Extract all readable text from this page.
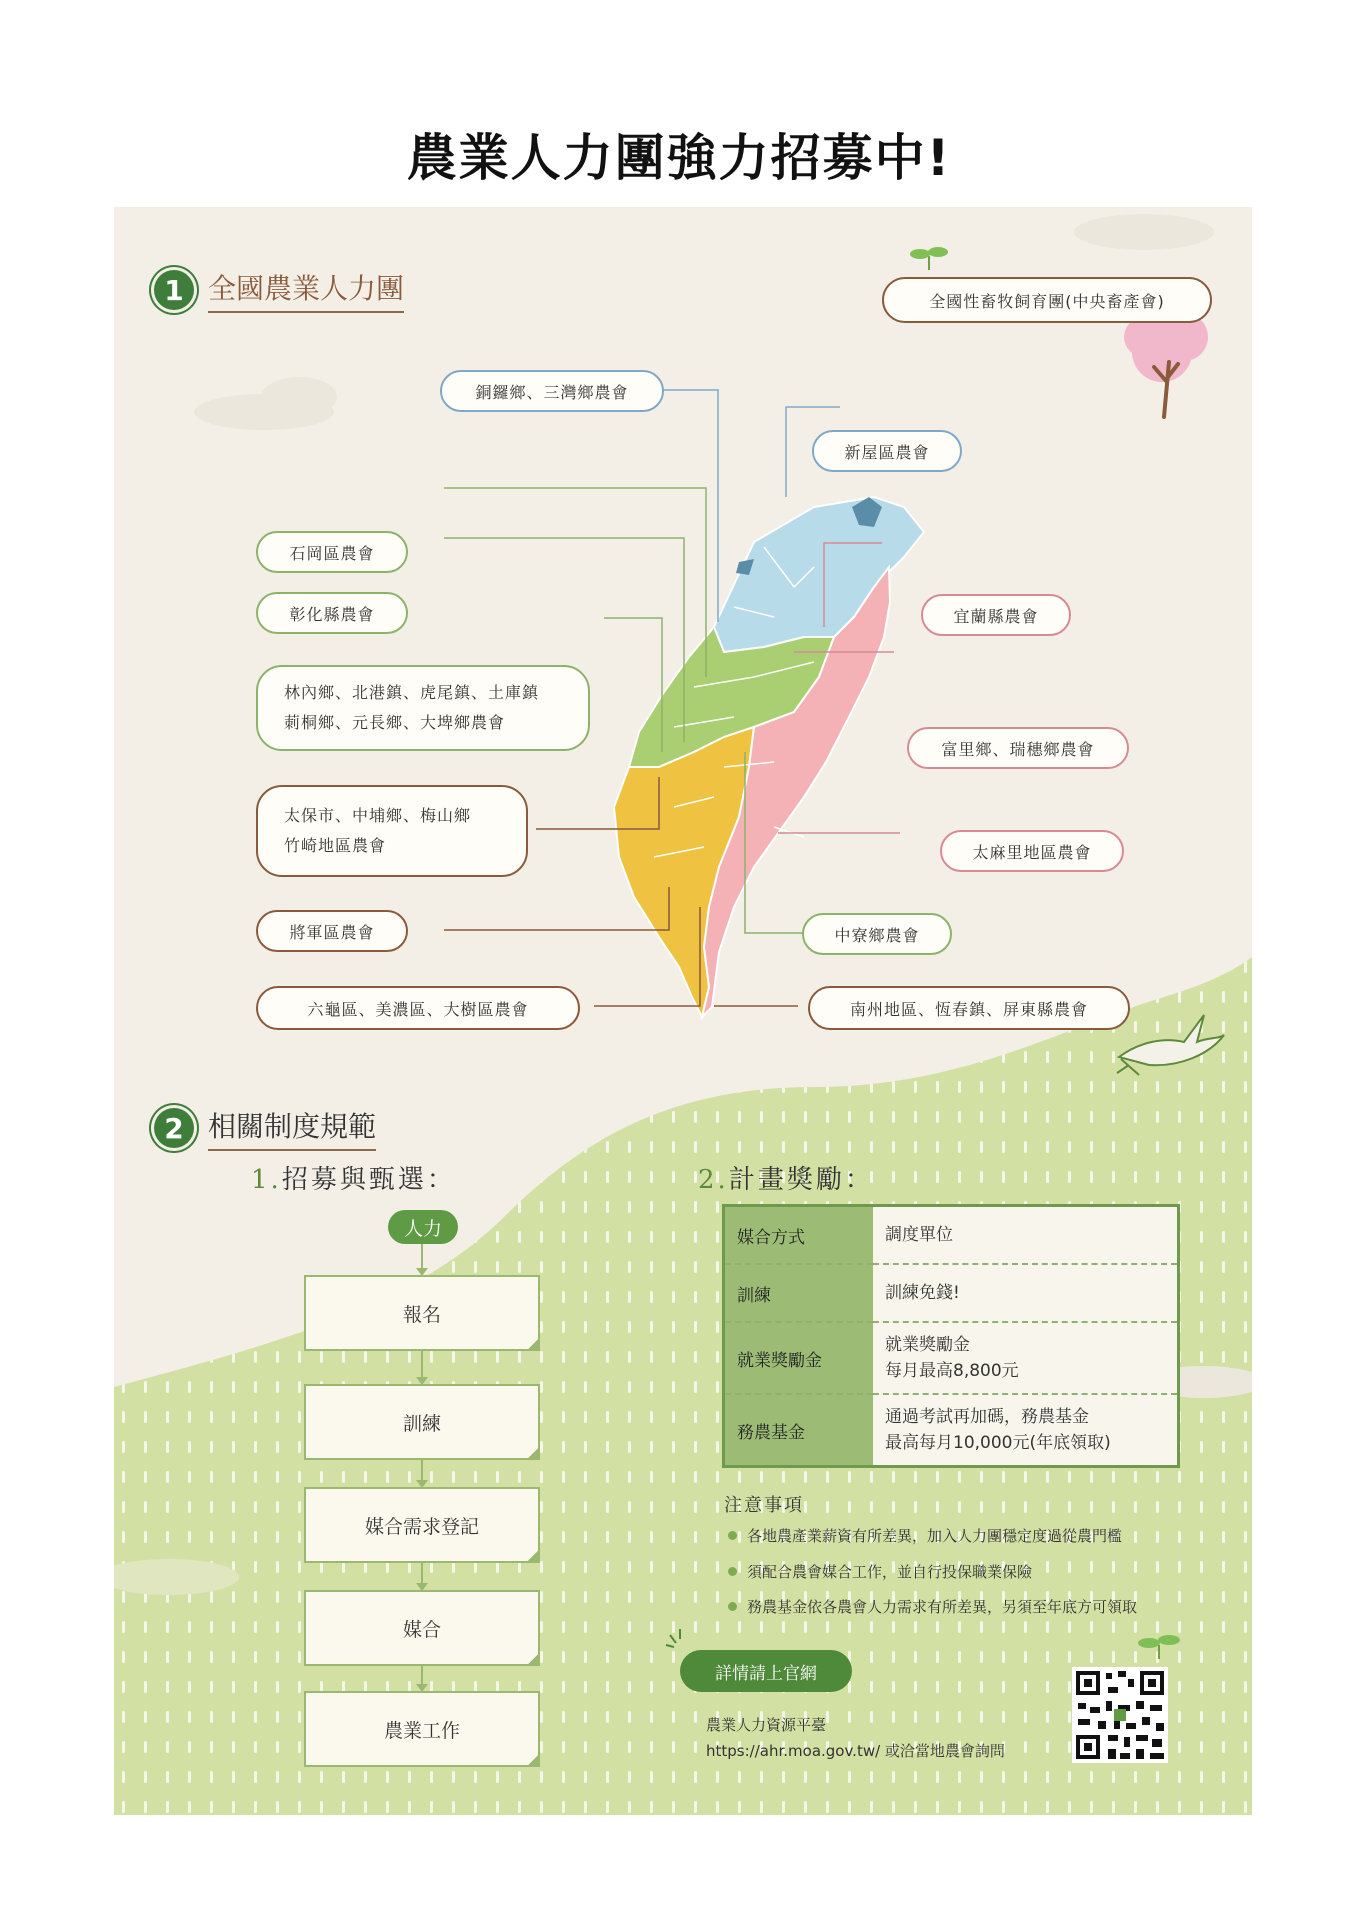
農業人力團強力招募中!
1 全國農業人力團	全國性畜牧飼育團(中央畜產會)
銅鑼鄉、三灣鄉農會
新屋區農會
石岡區農會
彰化縣農會	宜蘭縣農會
林內鄉、北港鎮、虎尾鎮、土庫鎮
莿桐鄉、元長鄉、大埤鄉農會
富里鄉、瑞穗鄉農會
太保市、中埔鄉、梅山鄉
竹崎地區農會	太麻里地區農會
將軍區農會	中寮鄉農會
六龜區、美濃區、大樹區農會	南州地區、恆春鎮、屏東縣農會
2 相關制度規範
1.招募與甄選：	2.計畫獎勵：
人力
報名
訓練
媒合需求登記
媒合
農業工作
媒合方式	調度單位
訓練	訓練免錢!
就業獎勵金	就業獎勵金
每月最高8,800元

務農基金	通過考試再加碼，務農基金
最高每月10,000元(年底領取)
注意事項
各地農產業薪資有所差異，加入人力團穩定度過從農門檻
須配合農會媒合工作，並自行投保職業保險
務農基金依各農會人力需求有所差異，另須至年底方可領取
詳情請上官網
農業人力資源平臺
https://ahr.moa.gov.tw/ 或洽當地農會詢問
